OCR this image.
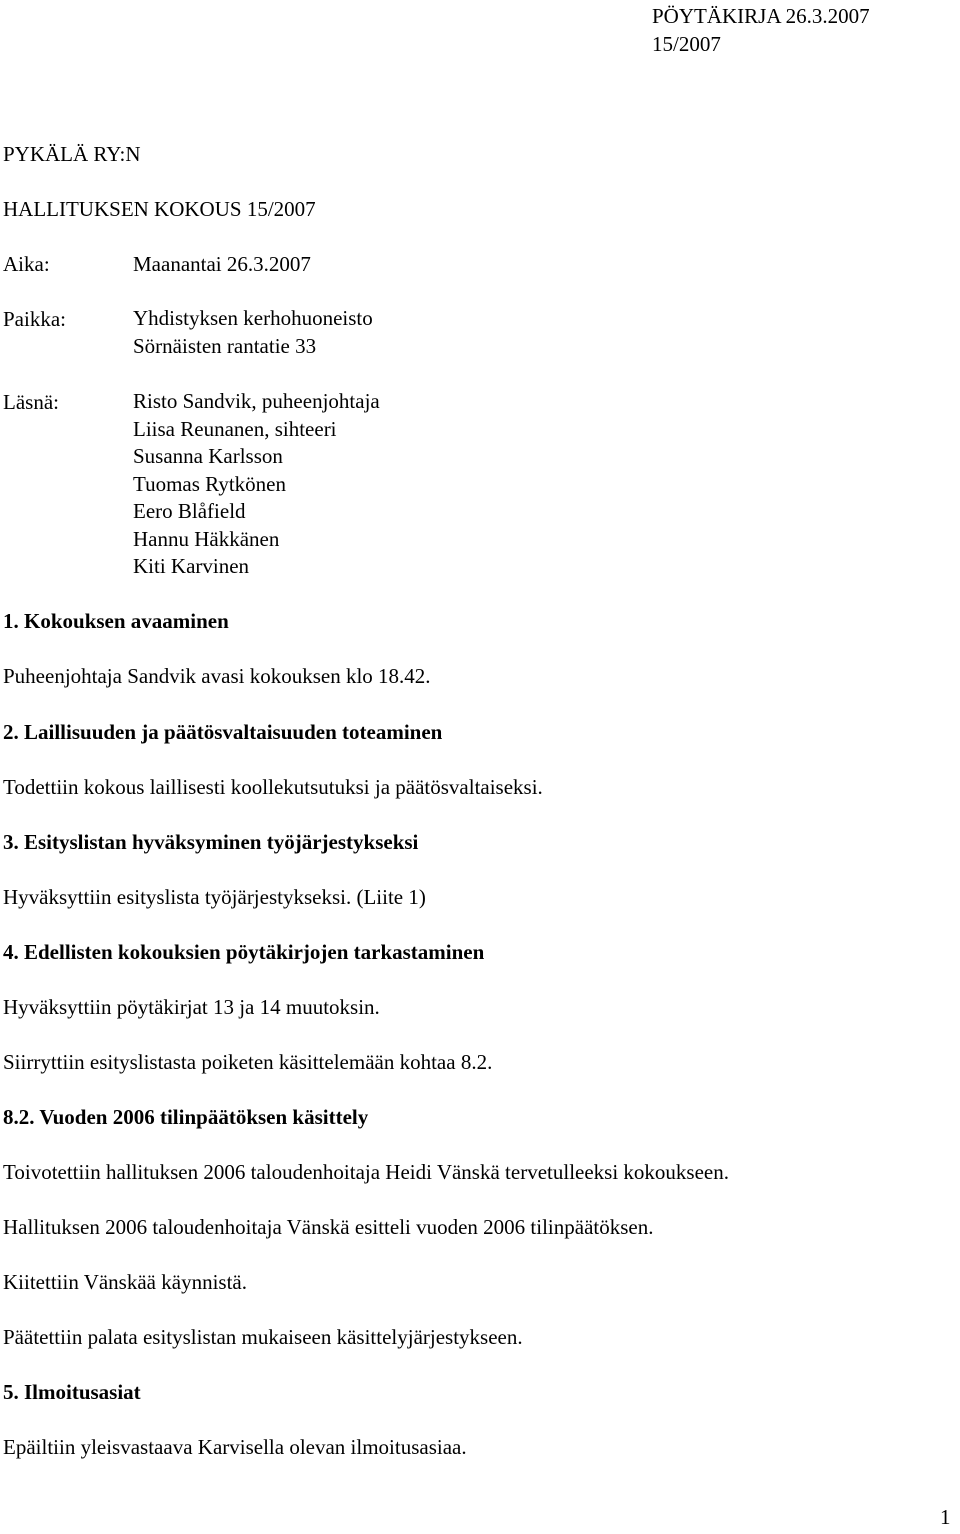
PÖYTÄKIRJA 26.3.2007
15/2007
PYKÄLÄ RY:N
HALLITUKSEN KOKOUS 15/2007
Aika:	Maanantai 26.3.2007
Paikka:	Yhdistyksen kerhohuoneisto
Sörnäisten rantatie 33
Läsnä:	Risto Sandvik, puheenjohtaja
Liisa Reunanen, sihteeri
Susanna Karlsson
Tuomas Rytkönen
Eero Blåfield
Hannu Häkkänen
Kiti Karvinen
1. Kokouksen avaaminen
Puheenjohtaja Sandvik avasi kokouksen klo 18.42.
2. Laillisuuden ja päätösvaltaisuuden toteaminen
Todettiin kokous laillisesti koollekutsutuksi ja päätösvaltaiseksi.
3. Esityslistan hyväksyminen työjärjestykseksi
Hyväksyttiin esityslista työjärjestykseksi. (Liite 1)
4. Edellisten kokouksien pöytäkirjojen tarkastaminen
Hyväksyttiin pöytäkirjat 13 ja 14 muutoksin.
Siirryttiin esityslistasta poiketen käsittelemään kohtaa 8.2.
8.2. Vuoden 2006 tilinpäätöksen käsittely
Toivotettiin hallituksen 2006 taloudenhoitaja Heidi Vänskä tervetulleeksi kokoukseen.
Hallituksen 2006 taloudenhoitaja Vänskä esitteli vuoden 2006 tilinpäätöksen.
Kiitettiin Vänskää käynnistä.
Päätettiin palata esityslistan mukaiseen käsittelyjärjestykseen.
5. Ilmoitusasiat
Epäiltiin yleisvastaava Karvisella olevan ilmoitusasiaa.
1
